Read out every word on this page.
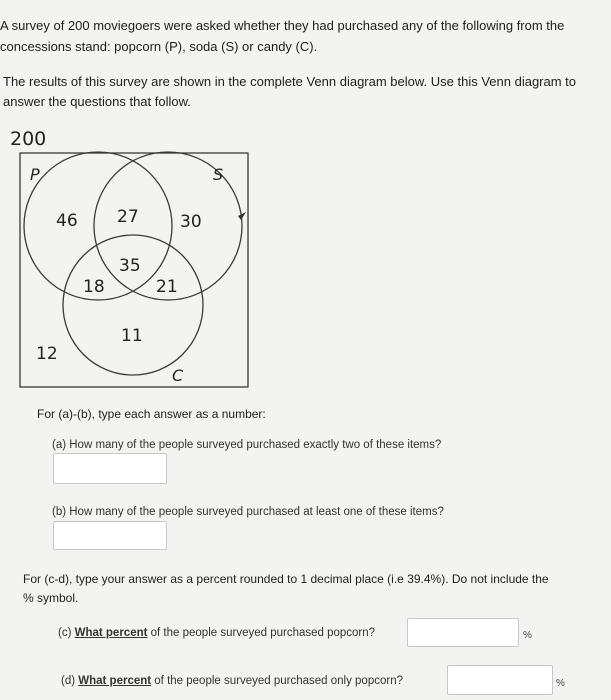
A survey of 200 moviegoers were asked whether they had purchased any of the following from the
concessions stand: popcorn (P), soda (S) or candy (C).
The results of this survey are shown in the complete Venn diagram below. Use this Venn diagram to
answer the questions that follow.
200
P	S
C
46 27 30
35
18	21
11
12
For (a)-(b), type each answer as a number:
(a) How many of the people surveyed purchased exactly two of these items?
(b) How many of the people surveyed purchased at least one of these items?
For (c-d), type your answer as a percent rounded to 1 decimal place (i.e 39.4%). Do not include the
% symbol.
(c) What percent of the people surveyed purchased popcorn?	%
(d) What percent of the people surveyed purchased only popcorn?	%
